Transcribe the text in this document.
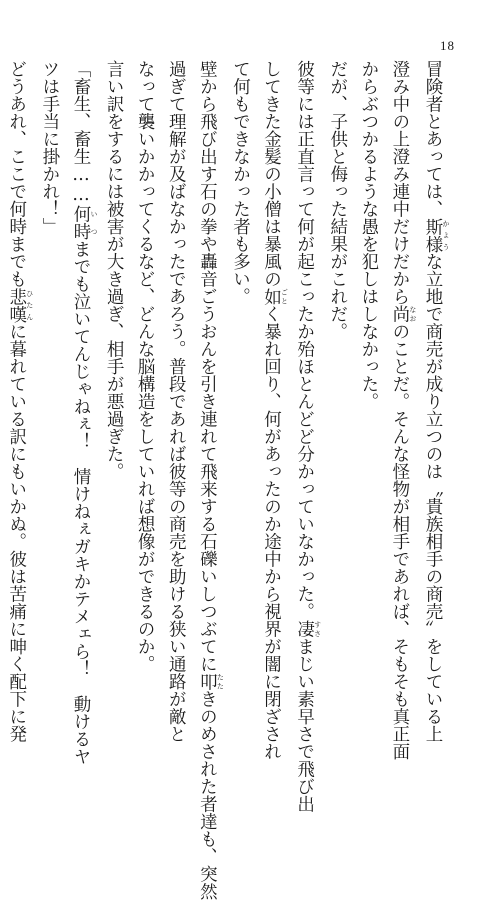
18
冒険者とあっては、斯様 かような立地で商売が成り立つのは〝貴族相手の商売〟をしている上
澄み中の上澄み連中だけだから尚 なおのことだ。そんな怪物が相手であれば、そもそも真正面
からぶつかるような愚を犯しはしなかった。
だが、子供と侮った結果がこれだ。
彼等には正直言って何が起こったか殆ほとんどど分かっていなかった。凄 すさまじい素早さで飛び出
してきた金髪の小僧は暴風の如 ごとく暴れ回り、何があったのか途中から視界が闇に閉ざされ
て何もできなかった者も多い。
壁から飛び出す石の拳や轟音ごうおんを引き連れて飛来する石礫いしつぶてに叩 たたきのめされた者達も、突然
過ぎて理解が及ばなかったであろう。普段であれば彼等の商売を助ける狭い通路が敵と
なって襲いかかってくるなど、どんな脳構造をしていれば想像ができるのか。
言い訳をするには被害が大き過ぎ、相手が悪過ぎた。
「畜生、畜生……何時 いつまでも泣いてんじゃねぇ！　情けねぇガキかテメェら！　動けるヤ
ツは手当に掛かれ！」
どうあれ、ここで何時までも悲嘆 ひたんに暮れている訳にもいかぬ。彼は苦痛に呻く配下に発
